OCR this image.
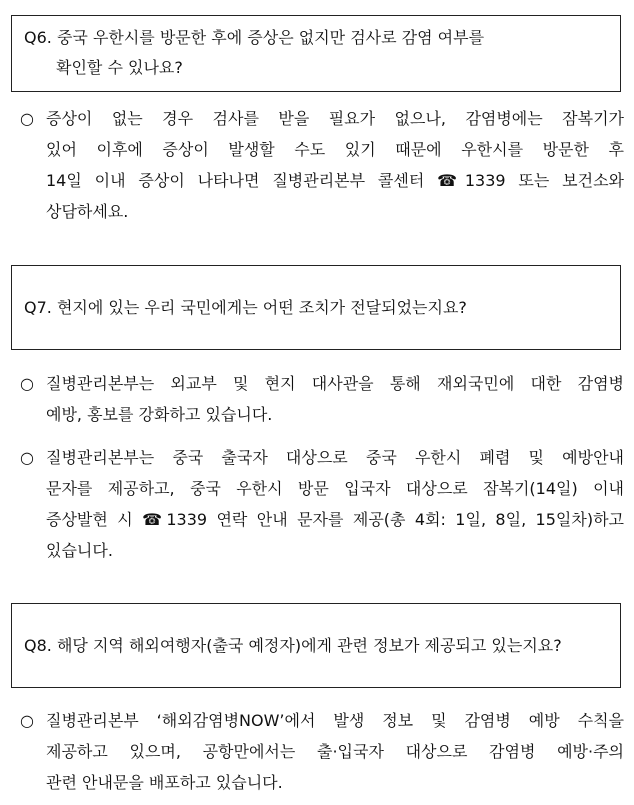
Q6. 중국 우한시를 방문한 후에 증상은 없지만 검사로 감염 여부를
확인할 수 있나요?
○ 증상이 없는 경우 검사를 받을 필요가 없으나, 감염병에는 잠복기가
있어 이후에 증상이 발생할 수도 있기 때문에 우한시를 방문한 후
14일 이내 증상이 나타나면 질병관리본부 콜센터 ☎1339 또는 보건소와
상담하세요.
Q7. 현지에 있는 우리 국민에게는 어떤 조치가 전달되었는지요?
○ 질병관리본부는 외교부 및 현지 대사관을 통해 재외국민에 대한 감염병
예방, 홍보를 강화하고 있습니다.
○ 질병관리본부는 중국 출국자 대상으로 중국 우한시 폐렴 및 예방안내
문자를 제공하고, 중국 우한시 방문 입국자 대상으로 잠복기(14일) 이내
증상발현 시 ☎1339 연락 안내 문자를 제공(총 4회: 1일, 8일, 15일차)하고
있습니다.
Q8. 해당 지역 해외여행자(출국 예정자)에게 관련 정보가 제공되고 있는지요?
○ 질병관리본부 ‘해외감염병NOW’에서 발생 정보 및 감염병 예방 수칙을
제공하고 있으며, 공항만에서는 출·입국자 대상으로 감염병 예방·주의
관련 안내문을 배포하고 있습니다.
